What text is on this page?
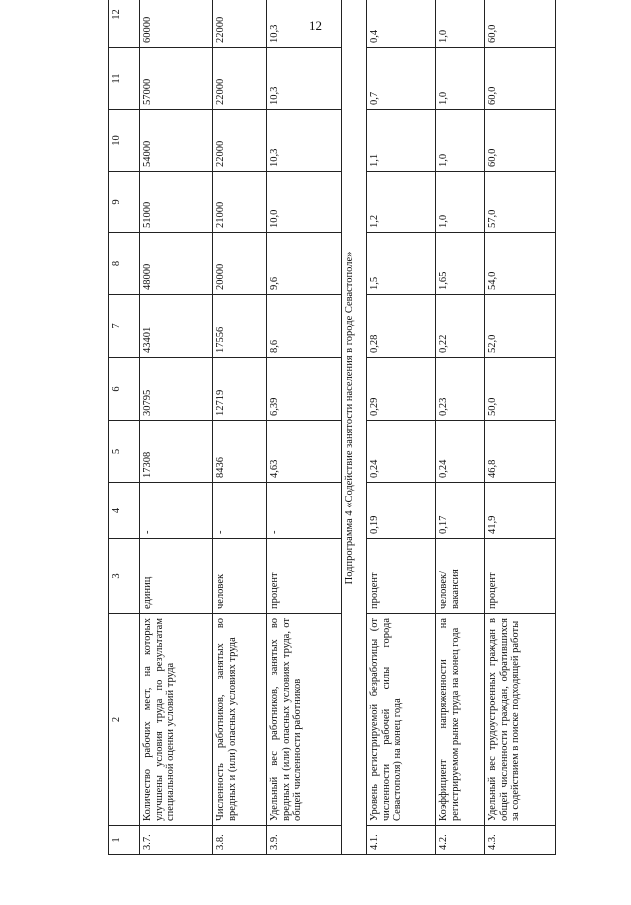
12
1	2	3	4	5	6	7	8	9	10	11	12
3.7.	Количество рабочих мест, на которых улучшены условия труда по результатам специальной оценки условий труда	единиц	-	17308	30795	43401	48000	51000	54000	57000	60000
3.8.	Численность работников, занятых во вредных и (или) опасных условиях труда	человек	-	8436	12719	17556	20000	21000	22000	22000	22000
3.9.	Удельный вес работников, занятых во вредных и (или) опасных условиях труда, от общей численности работников	процент	-	4,63	6,39	8,6	9,6	10,0	10,3	10,3	10,3
Подпрограмма 4 «Содействие занятости населения в городе Севастополе»											
4.1.	Уровень регистрируемой безработицы (от численности рабочей силы города Севастополя) на конец года	процент	0,19	0,24	0,29	0,28	1,5	1,2	1,1	0,7	0,4
4.2.	Коэффициент напряженности на регистрируемом рынке труда на конец года	человек/ вакансия	0,17	0,24	0,23	0,22	1,65	1,0	1,0	1,0	1,0
4.3.	Удельный вес трудоустроенных граждан в общей численности граждан, обратившихся за содействием в поиске подходящей работы	процент	41,9	46,8	50,0	52,0	54,0	57,0	60,0	60,0	60,0
